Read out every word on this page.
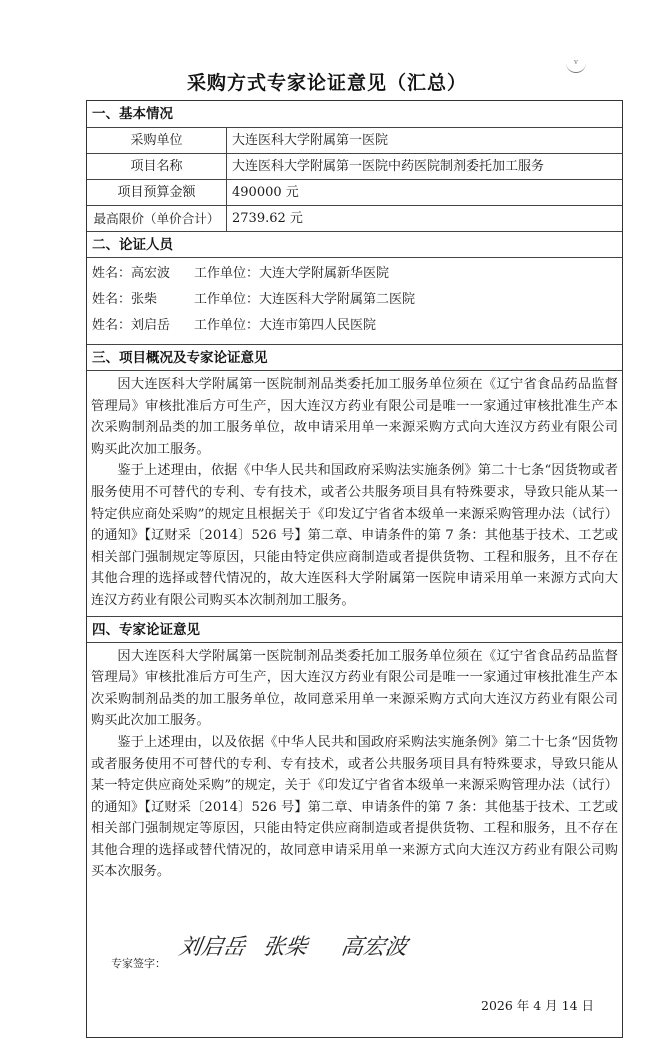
采购方式专家论证意见（汇总）
v
一、基本情况
采购单位	大连医科大学附属第一医院
项目名称	大连医科大学附属第一医院中药医院制剂委托加工服务
项目预算金额	490000 元
最高限价（单价合计） 2739.62 元
二、论证人员
姓名：高宏波	工作单位：大连大学附属新华医院
姓名：张柴	工作单位：大连医科大学附属第二医院
姓名：刘启岳	工作单位：大连市第四人民医院
三、项目概况及专家论证意见

因大连医科大学附属第一医院制剂品类委托加工服务单位须在《辽宁省食品药品监督管理局》审核批准后方可生产，因大连汉方药业有限公司是唯一一家通过审核批准生产本次采购制剂品类的加工服务单位，故申请采用单一来源采购方式向大连汉方药业有限公司购买此次加工服务。

鉴于上述理由，依据《中华人民共和国政府采购法实施条例》第二十七条“因货物或者服务使用不可替代的专利、专有技术，或者公共服务项目具有特殊要求，导致只能从某一特定供应商处采购”的规定且根据关于《印发辽宁省省本级单一来源采购管理办法（试行）的通知》【辽财采〔2014〕526 号】第二章、申请条件的第 7 条：其他基于技术、工艺或相关部门强制规定等原因，只能由特定供应商制造或者提供货物、工程和服务，且不存在其他合理的选择或替代情况的，故大连医科大学附属第一医院申请采用单一来源方式向大连汉方药业有限公司购买本次制剂加工服务。

四、专家论证意见

因大连医科大学附属第一医院制剂品类委托加工服务单位须在《辽宁省食品药品监督管理局》审核批准后方可生产，因大连汉方药业有限公司是唯一一家通过审核批准生产本次采购制剂品类的加工服务单位，故同意采用单一来源采购方式向大连汉方药业有限公司购买此次加工服务。

鉴于上述理由，以及依据《中华人民共和国政府采购法实施条例》第二十七条“因货物或者服务使用不可替代的专利、专有技术，或者公共服务项目具有特殊要求，导致只能从某一特定供应商处采购”的规定，关于《印发辽宁省省本级单一来源采购管理办法（试行）的通知》【辽财采〔2014〕526 号】第二章、申请条件的第 7 条：其他基于技术、工艺或相关部门强制规定等原因，只能由特定供应商制造或者提供货物、工程和服务，且不存在其他合理的选择或替代情况的，故同意申请采用单一来源方式向大连汉方药业有限公司购买本次服务。

专家签字：
刘启岳 张柴 高宏波
2026 年 4 月 14 日
